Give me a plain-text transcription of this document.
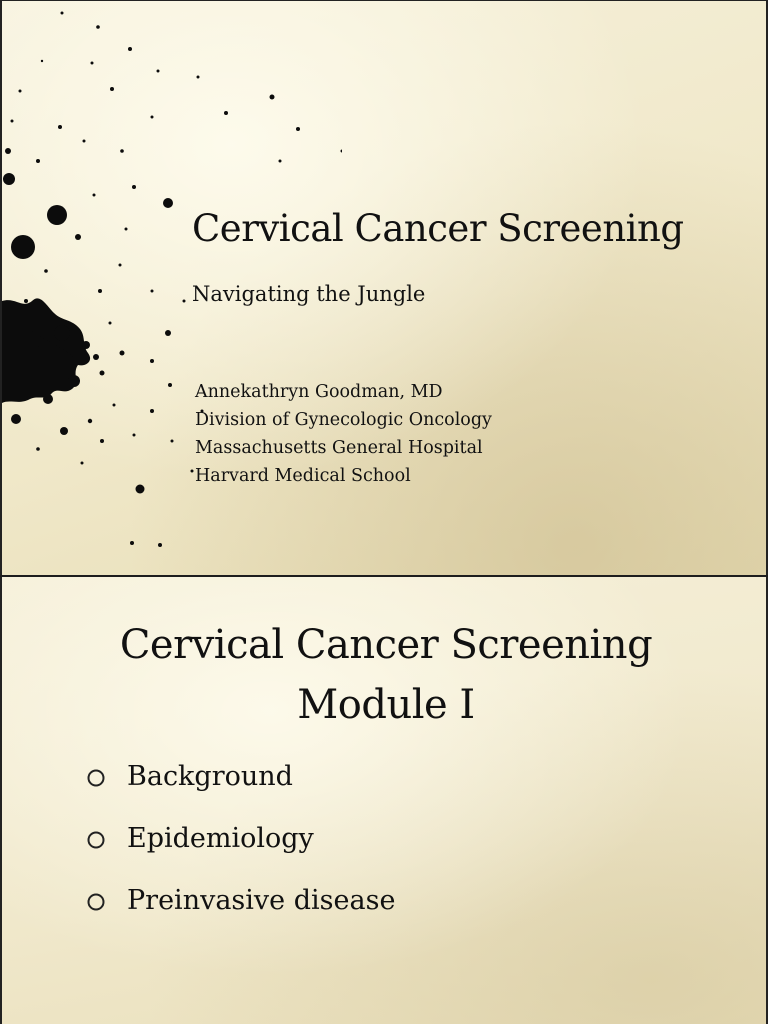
Cervical Cancer Screening

Navigating the Jungle

Annekathryn Goodman, MD
Division of Gynecologic Oncology
Massachusetts General Hospital
Harvard Medical School
Cervical Cancer Screening
Module I
Background
Epidemiology
Preinvasive disease
